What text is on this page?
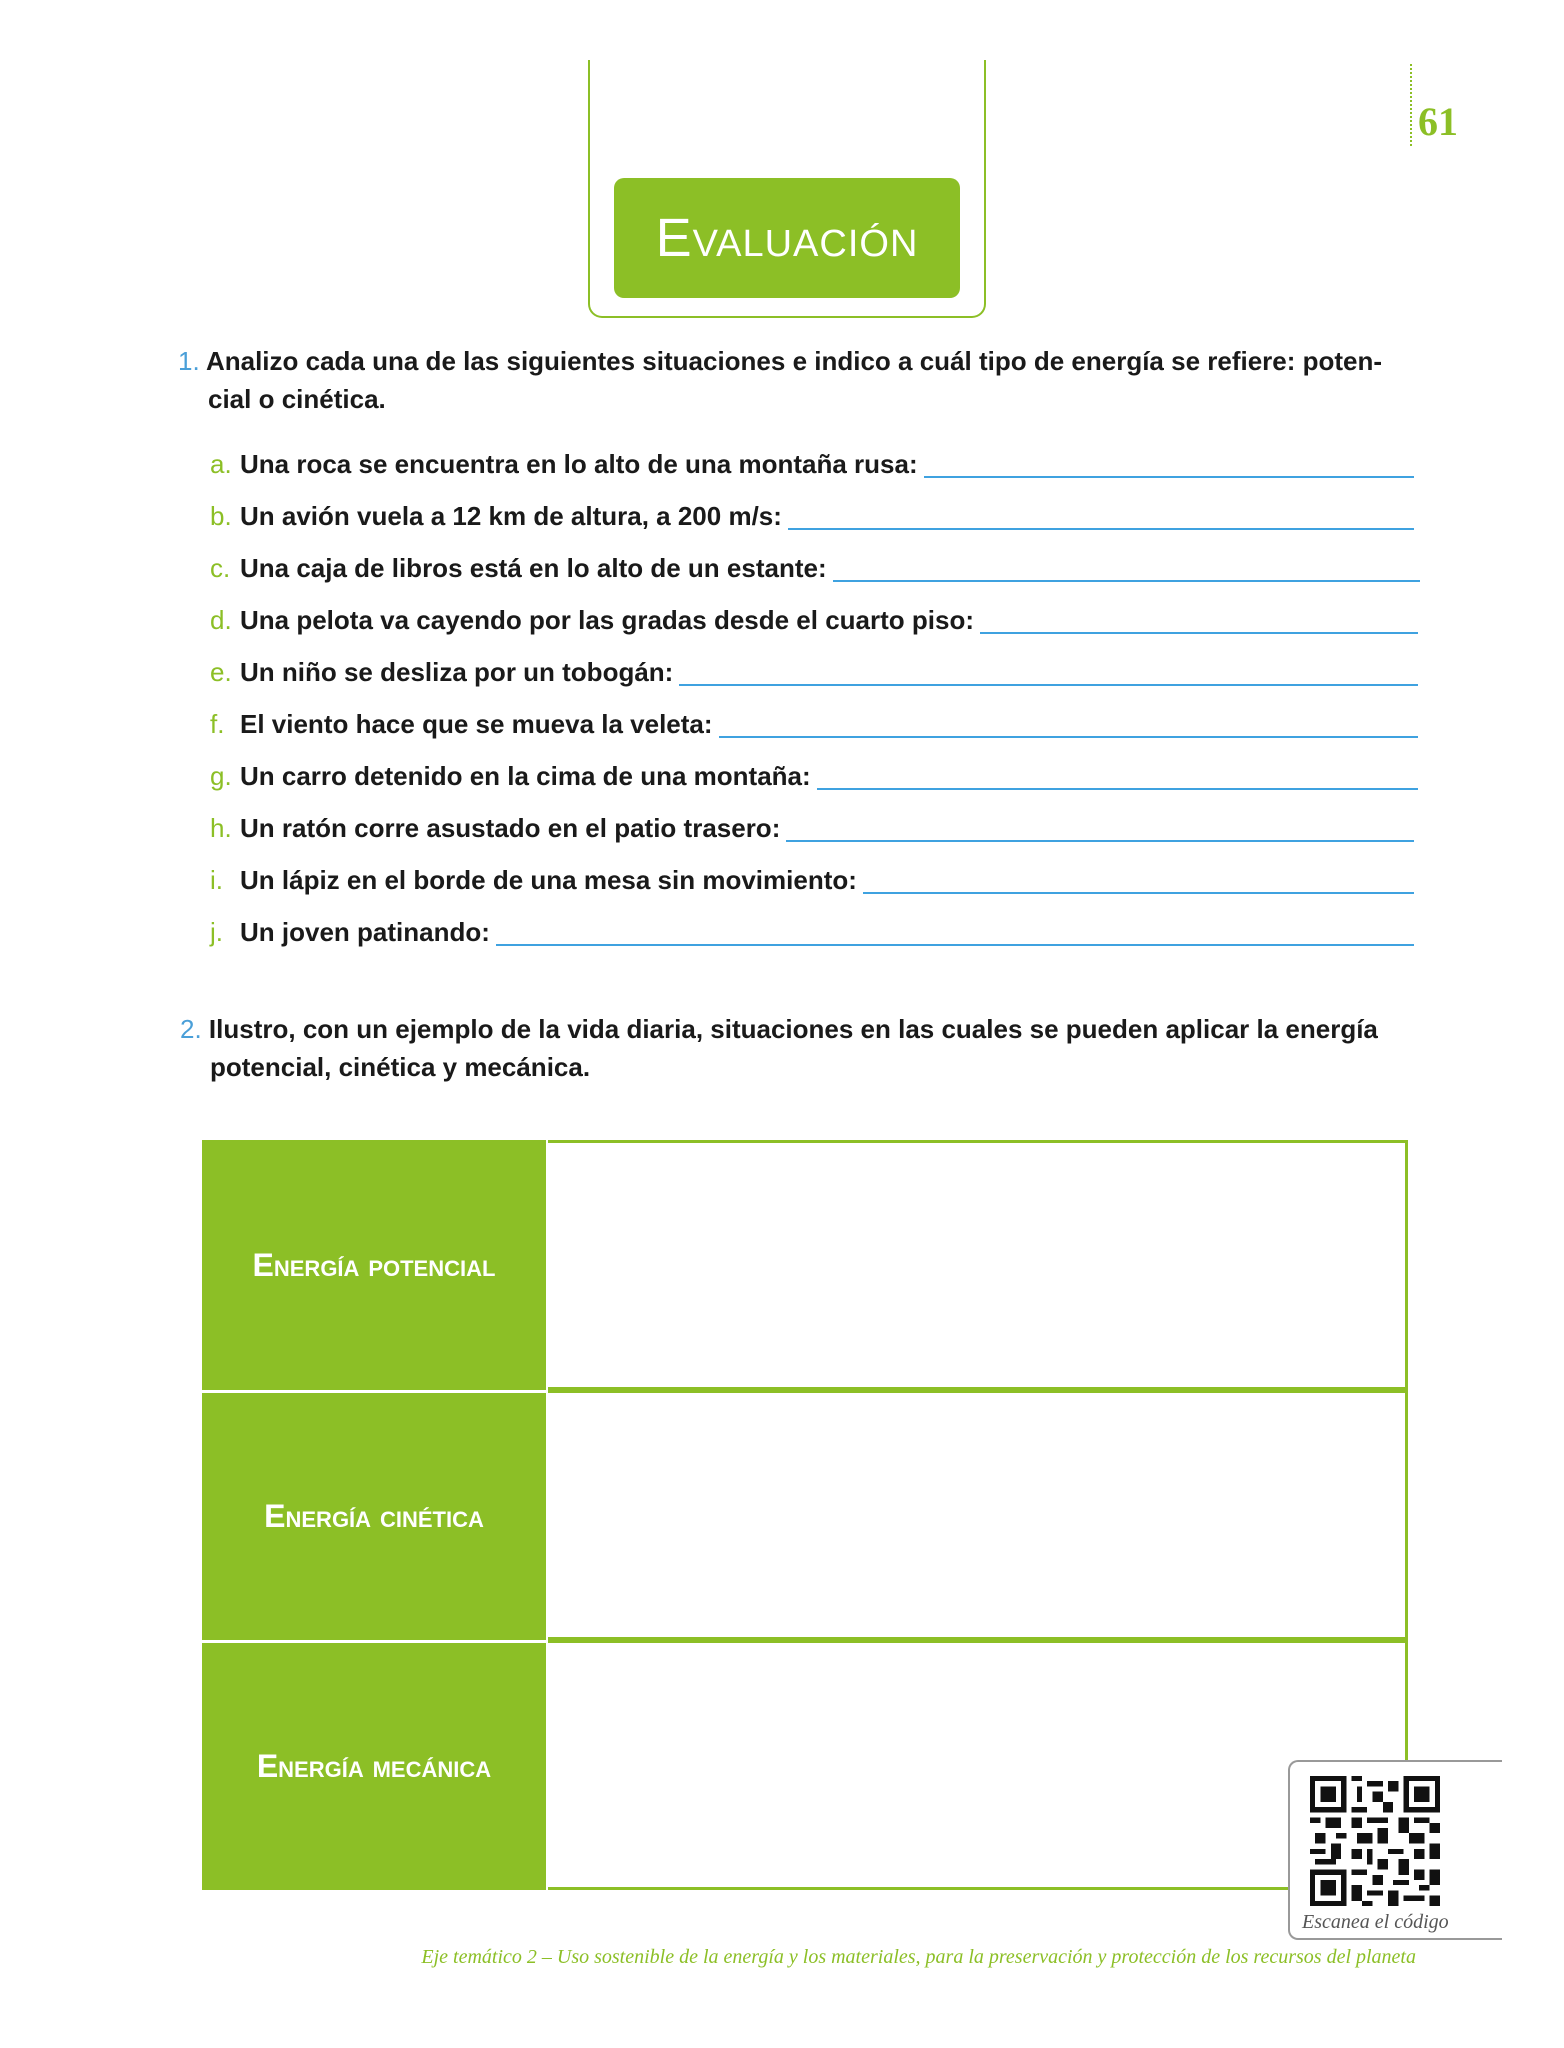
61
Evaluación
1. Analizo cada una de las siguientes situaciones e indico a cuál tipo de energía se refiere: poten-
cial o cinética.
a. Una roca se encuentra en lo alto de una montaña rusa:
b. Un avión vuela a 12 km de altura, a 200 m/s:
c. Una caja de libros está en lo alto de un estante:
d. Una pelota va cayendo por las gradas desde el cuarto piso:
e. Un niño se desliza por un tobogán:
f. El viento hace que se mueva la veleta:
g. Un carro detenido en la cima de una montaña:
h. Un ratón corre asustado en el patio trasero:
i. Un lápiz en el borde de una mesa sin movimiento:
j. Un joven patinando:
2. Ilustro, con un ejemplo de la vida diaria, situaciones en las cuales se pueden aplicar la energía
potencial, cinética y mecánica.
Energía potencial
Energía cinética
Energía mecánica
Escanea el código
Eje temático 2 – Uso sostenible de la energía y los materiales, para la preservación y protección de los recursos del planeta
